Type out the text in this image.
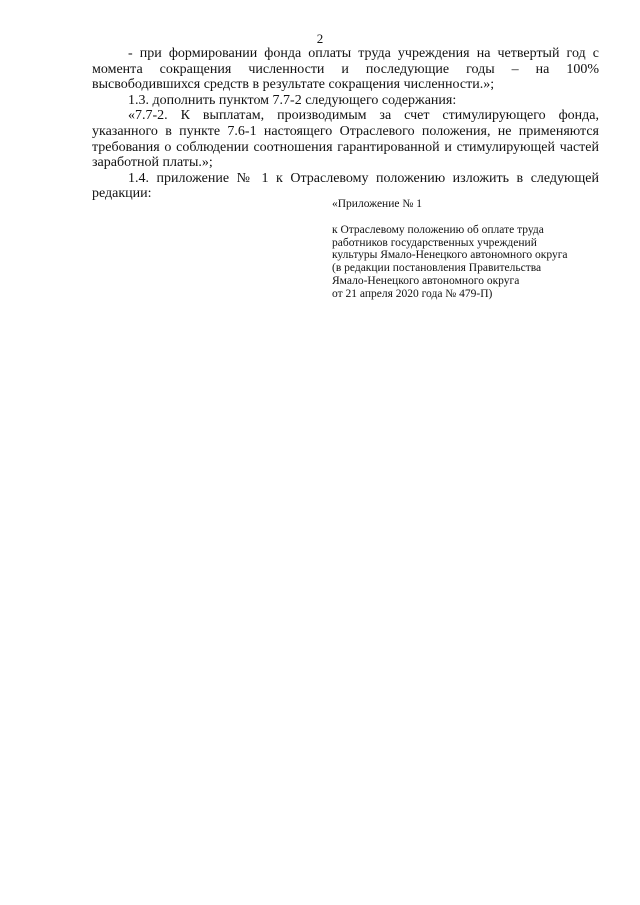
2

- при формировании фонда оплаты труда учреждения на четвертый год с момента сокращения численности и последующие годы – на 100% высвободившихся средств в результате сокращения численности.»;

1.3. дополнить пунктом 7.7-2 следующего содержания:

«7.7-2. К выплатам, производимым за счет стимулирующего фонда, указанного в пункте 7.6-1 настоящего Отраслевого положения, не применяются требования о соблюдении соотношения гарантированной и стимулирующей частей заработной платы.»;

1.4. приложение № 1 к Отраслевому положению изложить в следующей редакции:

«Приложение № 1

к Отраслевому положению об оплате труда

работников государственных учреждений

культуры Ямало-Ненецкого автономного округа

(в редакции постановления Правительства

Ямало-Ненецкого автономного округа

от 21 апреля 2020 года № 479-П)
